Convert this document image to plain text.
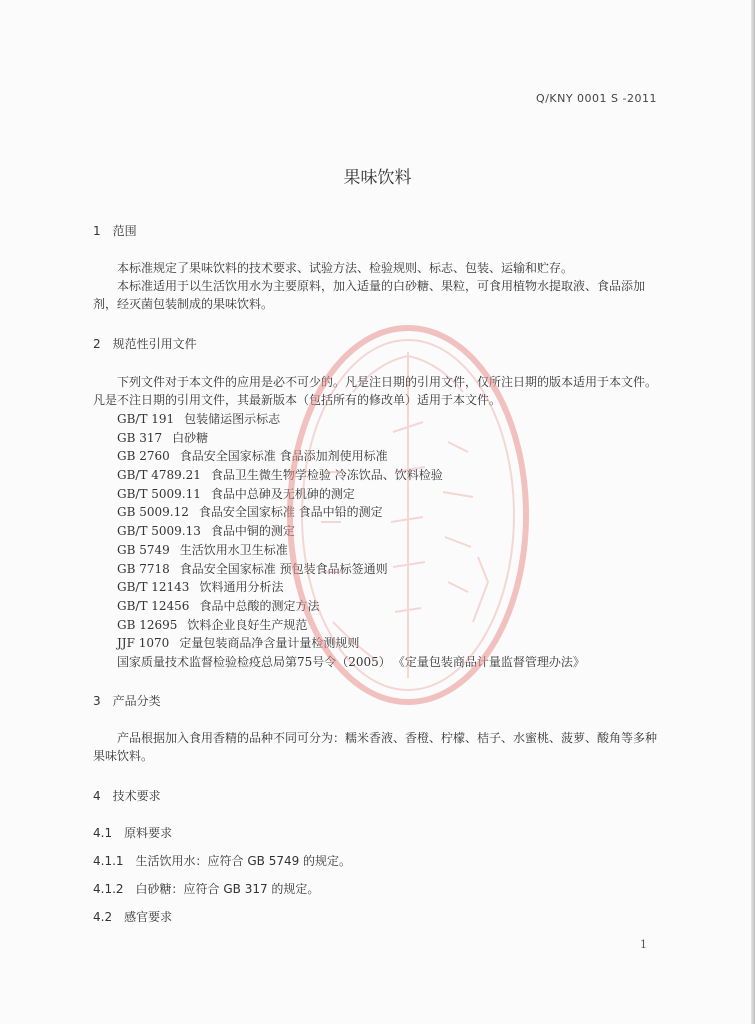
Q/KNY 0001 S -2011
果味饮料
1 范围
本标准规定了果味饮料的技术要求、试验方法、检验规则、标志、包装、运输和贮存。
本标准适用于以生活饮用水为主要原料，加入适量的白砂糖、果粒，可食用植物水提取液、食品添加剂，经灭菌包装制成的果味饮料。
2 规范性引用文件
下列文件对于本文件的应用是必不可少的。凡是注日期的引用文件，仅所注日期的版本适用于本文件。凡是不注日期的引用文件，其最新版本（包括所有的修改单）适用于本文件。
GB/T 191 包装储运图示标志
GB 317 白砂糖
GB 2760 食品安全国家标准 食品添加剂使用标准
GB/T 4789.21 食品卫生微生物学检验 冷冻饮品、饮料检验
GB/T 5009.11 食品中总砷及无机砷的测定
GB 5009.12 食品安全国家标准 食品中铅的测定
GB/T 5009.13 食品中铜的测定
GB 5749 生活饮用水卫生标准
GB 7718 食品安全国家标准 预包装食品标签通则
GB/T 12143 饮料通用分析法
GB/T 12456 食品中总酸的测定方法
GB 12695 饮料企业良好生产规范
JJF 1070 定量包装商品净含量计量检测规则
国家质量技术监督检验检疫总局第75号令（2005） 《定量包装商品计量监督管理办法》
3 产品分类
产品根据加入食用香精的品种不同可分为：糯米香液、香橙、柠檬、桔子、水蜜桃、菠萝、酸角等多种果味饮料。
4 技术要求
4.1 原料要求
4.1.1 生活饮用水：应符合 GB 5749 的规定。
4.1.2 白砂糖：应符合 GB 317 的规定。
4.2 感官要求
1
